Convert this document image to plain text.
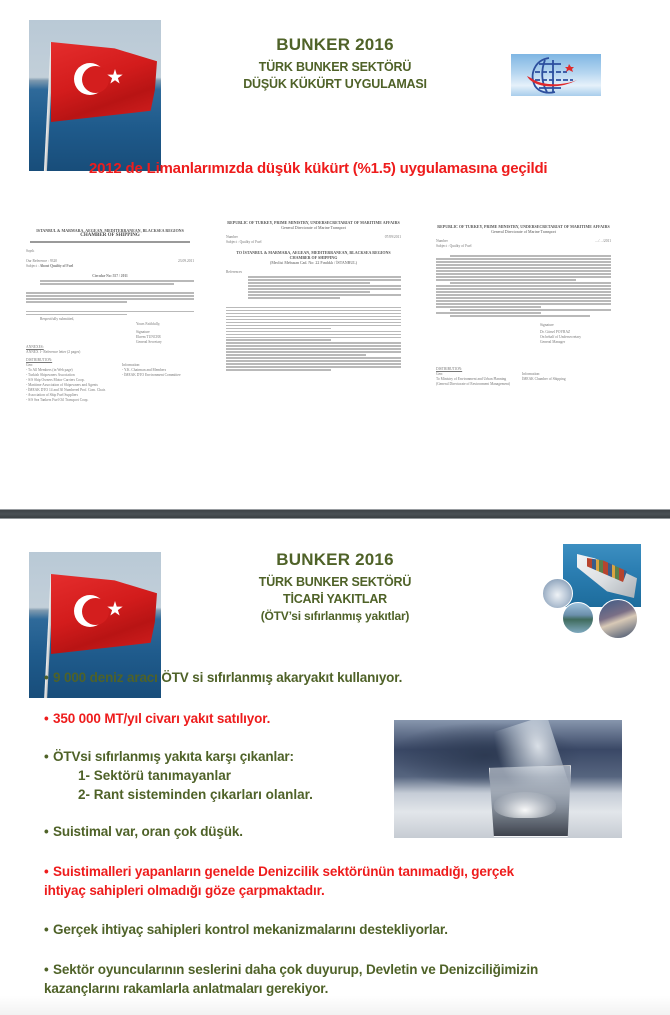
BUNKER 2016
TÜRK BUNKER SEKTÖRÜ
DÜŞÜK KÜKÜRT UYGULAMASI
2012 de Limanlarımızda düşük kükürt (%1.5) uygulamasına geçildi
ISTANBUL & MARMARA, AEGEAN, MEDITERRANEAN, BLACKSEA REGIONS
CHAMBER OF SHIPPING
Sayılı
Our Reference : 9320	23.09.2011
Subject : About Quality of Fuel
Circular No: 557 / 2011
Respectfully submitted,
Yours Faithfully,
Signature
Ekrem TUNCER
General Secretary
ANNEXES:
ANNEX 1- Reference letter (2 pages)
DISTRIBUTION:
Gen:
- To All Members (in Web page)
- Turkish Shipowners Association
- S/S Ship Owners Motor Carriers Coop.
- Maritime Association of Shipowners and Agents
- İMEAK DTO 14 and 30 Numbered Prof. Com. Chair.
- Association of Ship Fuel Suppliers
- S/S Sea Tankers Fuel Oil Transport Coop.
Information:
- Y.K. Chairman and Members
- İMEAK DTO Environment Committee
REPUBLIC OF TURKEY, PRIME MINISTRY, UNDERSECRETARIAT OF MARITIME AFFAIRS
General Directorate of Marine Transport
Number	07/09/2011
Subject : Quality of Fuel
TO İSTANBUL & MARMARA, AEGEAN, MEDITERRANEAN, BLACKSEA REGIONS
CHAMBER OF SHIPPING
(Meclisi Mebusan Cad. No: 22 Fındıklı / İSTANBUL)
References
REPUBLIC OF TURKEY, PRIME MINISTRY, UNDERSECRETARIAT OF MARITIME AFFAIRS
General Directorate of Marine Transport
Number	…/…/2011
Subject : Quality of Fuel
Signature
Dr. Gürsel POYRAZ
On behalf of Undersecretary
General Manager
DISTRIBUTION:
Gen:
To Ministry of Environment and Urban Planning
(General Directorate of Environment Management)
Information:
İMEAK Chamber of Shipping
BUNKER 2016
TÜRK BUNKER SEKTÖRÜ
TİCARİ YAKITLAR
(ÖTV’si sıfırlanmış yakıtlar)
• 9 000 deniz aracı ÖTV si sıfırlanmış akaryakıt kullanıyor.
• 350 000 MT/yıl civarı yakıt satılıyor.
• ÖTVsi sıfırlanmış yakıta karşı çıkanlar:
1- Sektörü tanımayanlar
2- Rant sisteminden çıkarları olanlar.
• Suistimal var, oran çok düşük.
• Suistimalleri yapanların genelde Denizcilik sektörünün tanımadığı, gerçek
ihtiyaç sahipleri olmadığı göze çarpmaktadır.
• Gerçek ihtiyaç sahipleri kontrol mekanizmalarını destekliyorlar.
• Sektör oyuncularının seslerini daha çok duyurup, Devletin ve Denizciliğimizin
kazançlarını rakamlarla anlatmaları gerekiyor.
